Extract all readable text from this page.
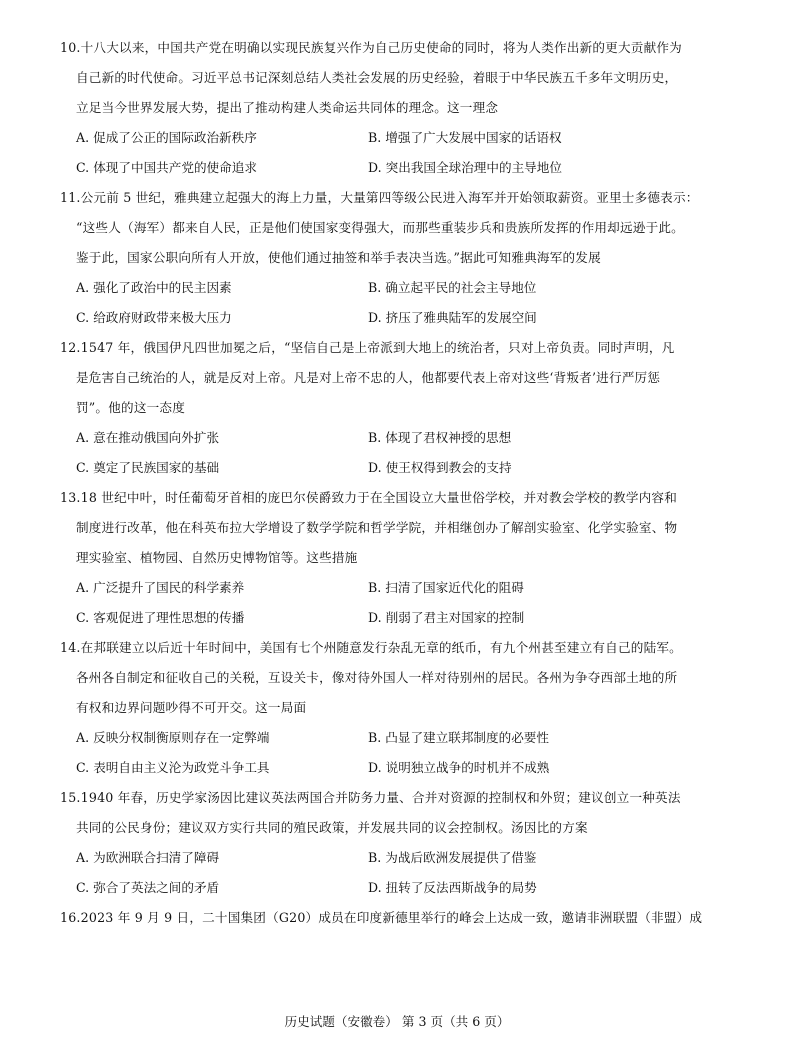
10.十八大以来，中国共产党在明确以实现民族复兴作为自己历史使命的同时，将为人类作出新的更大贡献作为
自己新的时代使命。习近平总书记深刻总结人类社会发展的历史经验，着眼于中华民族五千多年文明历史，
立足当今世界发展大势，提出了推动构建人类命运共同体的理念。这一理念

A. 促成了公正的国际政治新秩序	B. 增强了广大发展中国家的话语权
C. 体现了中国共产党的使命追求	D. 突出我国全球治理中的主导地位

11.公元前 5 世纪，雅典建立起强大的海上力量，大量第四等级公民进入海军并开始领取薪资。亚里士多德表示：
“这些人（海军）都来自人民，正是他们使国家变得强大，而那些重装步兵和贵族所发挥的作用却远逊于此。
鉴于此，国家公职向所有人开放，使他们通过抽签和举手表决当选。”据此可知雅典海军的发展

A. 强化了政治中的民主因素	B. 确立起平民的社会主导地位
C. 给政府财政带来极大压力	D. 挤压了雅典陆军的发展空间

12.1547 年，俄国伊凡四世加冕之后，“坚信自己是上帝派到大地上的统治者，只对上帝负责。同时声明，凡
是危害自己统治的人，就是反对上帝。凡是对上帝不忠的人，他都要代表上帝对这些‘背叛者’进行严厉惩
罚”。他的这一态度

A. 意在推动俄国向外扩张	B. 体现了君权神授的思想
C. 奠定了民族国家的基础	D. 使王权得到教会的支持

13.18 世纪中叶，时任葡萄牙首相的庞巴尔侯爵致力于在全国设立大量世俗学校，并对教会学校的教学内容和
制度进行改革，他在科英布拉大学增设了数学学院和哲学学院，并相继创办了解剖实验室、化学实验室、物
理实验室、植物园、自然历史博物馆等。这些措施

A. 广泛提升了国民的科学素养	B. 扫清了国家近代化的阻碍
C. 客观促进了理性思想的传播	D. 削弱了君主对国家的控制

14.在邦联建立以后近十年时间中，美国有七个州随意发行杂乱无章的纸币，有九个州甚至建立有自己的陆军。
各州各自制定和征收自己的关税，互设关卡，像对待外国人一样对待别州的居民。各州为争夺西部土地的所
有权和边界问题吵得不可开交。这一局面

A. 反映分权制衡原则存在一定弊端	B. 凸显了建立联邦制度的必要性
C. 表明自由主义沦为政党斗争工具	D. 说明独立战争的时机并不成熟

15.1940 年春，历史学家汤因比建议英法两国合并防务力量、合并对资源的控制权和外贸；建议创立一种英法
共同的公民身份；建议双方实行共同的殖民政策，并发展共同的议会控制权。汤因比的方案

A. 为欧洲联合扫清了障碍	B. 为战后欧洲发展提供了借鉴
C. 弥合了英法之间的矛盾	D. 扭转了反法西斯战争的局势

16.2023 年 9 月 9 日，二十国集团（G20）成员在印度新德里举行的峰会上达成一致，邀请非洲联盟（非盟）成

历史试题（安徽卷） 第 3 页（共 6 页）
